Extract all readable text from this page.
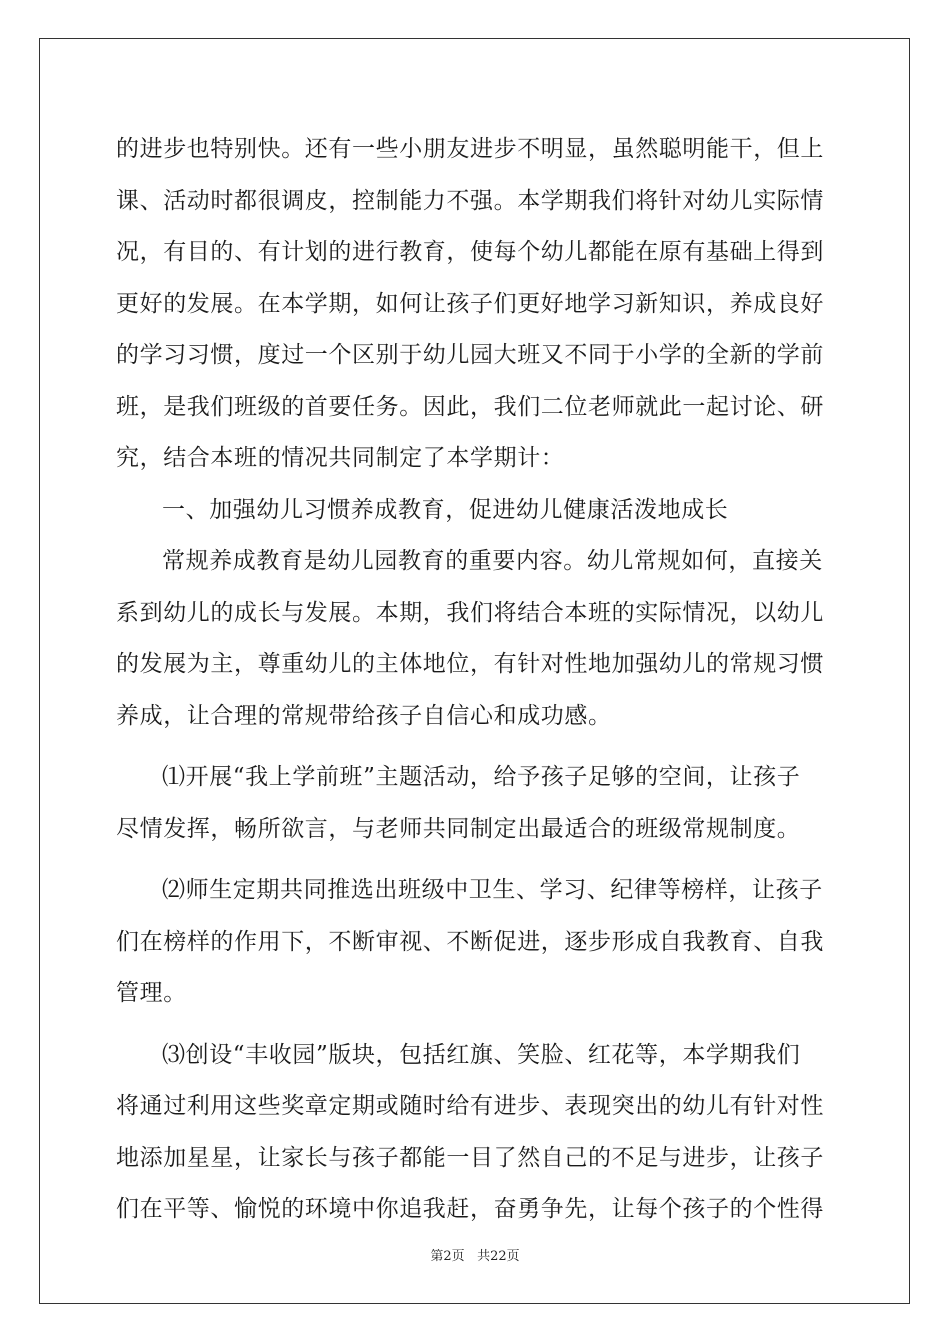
的进步也特别快。还有一些小朋友进步不明显，虽然聪明能干，但上
课、活动时都很调皮，控制能力不强。本学期我们将针对幼儿实际情
况，有目的、有计划的进行教育，使每个幼儿都能在原有基础上得到
更好的发展。在本学期，如何让孩子们更好地学习新知识，养成良好
的学习习惯，度过一个区别于幼儿园大班又不同于小学的全新的学前
班，是我们班级的首要任务。因此，我们二位老师就此一起讨论、研
究，结合本班的情况共同制定了本学期计：
一、加强幼儿习惯养成教育，促进幼儿健康活泼地成长
常规养成教育是幼儿园教育的重要内容。幼儿常规如何，直接关
系到幼儿的成长与发展。本期，我们将结合本班的实际情况，以幼儿
的发展为主，尊重幼儿的主体地位，有针对性地加强幼儿的常规习惯
养成，让合理的常规带给孩子自信心和成功感。
⑴开展“我上学前班”主题活动，给予孩子足够的空间，让孩子
尽情发挥，畅所欲言，与老师共同制定出最适合的班级常规制度。
⑵师生定期共同推选出班级中卫生、学习、纪律等榜样，让孩子
们在榜样的作用下，不断审视、不断促进，逐步形成自我教育、自我
管理。
⑶创设“丰收园”版块，包括红旗、笑脸、红花等，本学期我们
将通过利用这些奖章定期或随时给有进步、表现突出的幼儿有针对性
地添加星星，让家长与孩子都能一目了然自己的不足与进步，让孩子
们在平等、愉悦的环境中你追我赶，奋勇争先，让每个孩子的个性得
第2页 共22页
